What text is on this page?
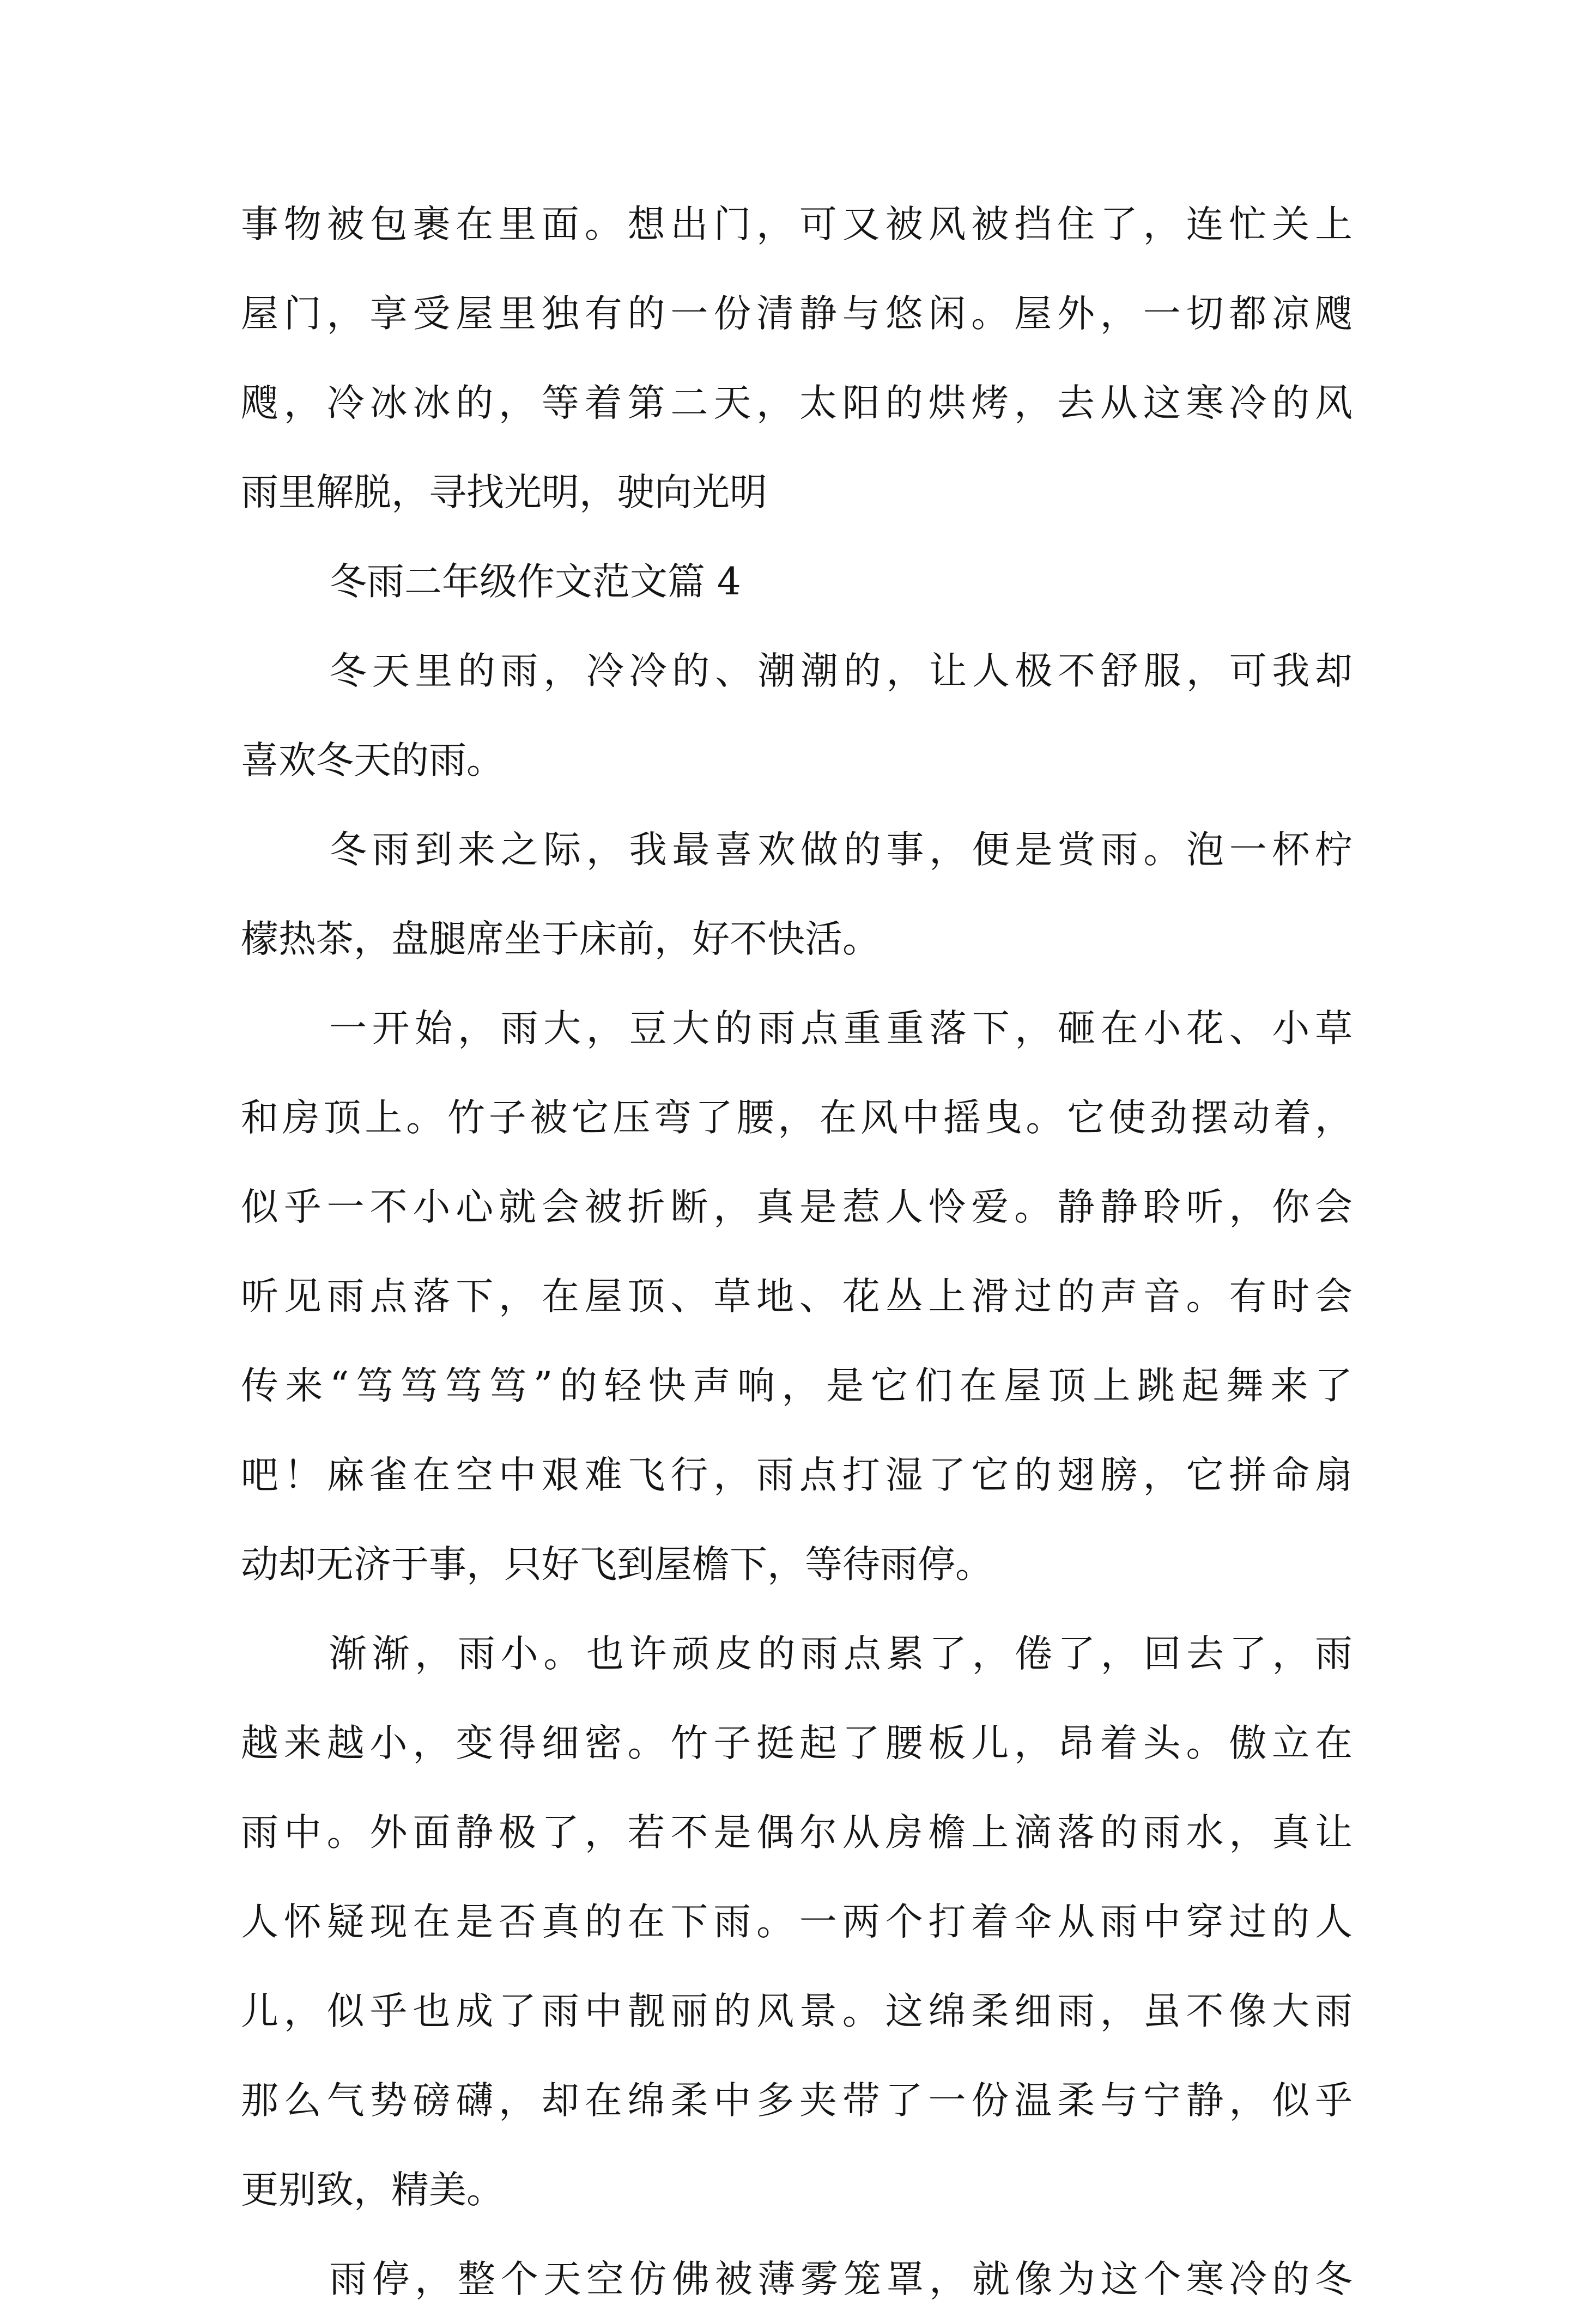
事物被包裹在里面。想出门，可又被风被挡住了，连忙关上
屋门，享受屋里独有的一份清静与悠闲。屋外，一切都凉飕
飕，冷冰冰的，等着第二天，太阳的烘烤，去从这寒冷的风
雨里解脱，寻找光明，驶向光明
冬雨二年级作文范文篇 4
冬天里的雨，冷冷的、潮潮的，让人极不舒服，可我却
喜欢冬天的雨。
冬雨到来之际，我最喜欢做的事，便是赏雨。泡一杯柠
檬热茶，盘腿席坐于床前，好不快活。
一开始，雨大，豆大的雨点重重落下，砸在小花、小草
和房顶上。竹子被它压弯了腰，在风中摇曳。它使劲摆动着，
似乎一不小心就会被折断，真是惹人怜爱。静静聆听，你会
听见雨点落下，在屋顶、草地、花丛上滑过的声音。有时会
传来“笃笃笃笃”的轻快声响，是它们在屋顶上跳起舞来了
吧！麻雀在空中艰难飞行，雨点打湿了它的翅膀，它拼命扇
动却无济于事，只好飞到屋檐下，等待雨停。
渐渐，雨小。也许顽皮的雨点累了，倦了，回去了，雨
越来越小，变得细密。竹子挺起了腰板儿，昂着头。傲立在
雨中。外面静极了，若不是偶尔从房檐上滴落的雨水，真让
人怀疑现在是否真的在下雨。一两个打着伞从雨中穿过的人
儿，似乎也成了雨中靓丽的风景。这绵柔细雨，虽不像大雨
那么气势磅礴，却在绵柔中多夹带了一份温柔与宁静，似乎
更别致，精美。
雨停，整个天空仿佛被薄雾笼罩，就像为这个寒冷的冬
